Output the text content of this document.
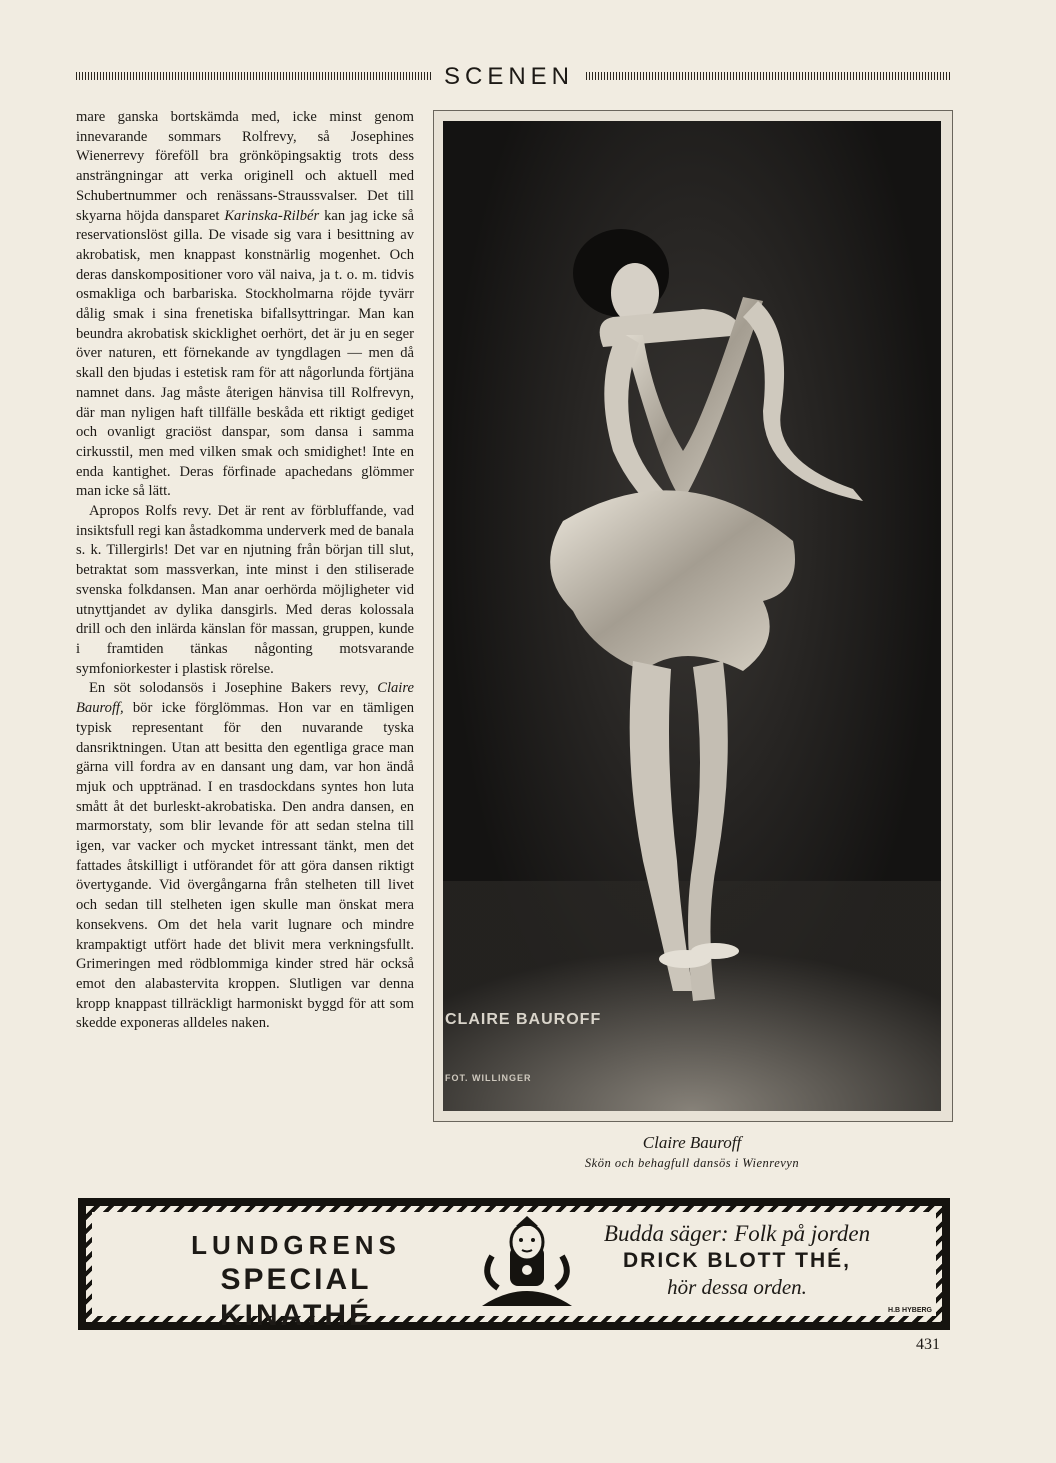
SCENEN

mare ganska bortskämda med, icke minst genom innevarande sommars Rolfrevy, så Josephines Wienerrevy föreföll bra grönköpingsaktig trots dess ansträngningar att verka originell och aktuell med Schubertnummer och renässans-Straussvalser. Det till skyarna höjda dansparet Karinska-Rilbér kan jag icke så reservationslöst gilla. De visade sig vara i besittning av akrobatisk, men knappast konstnärlig mogenhet. Och deras danskompositioner voro väl naiva, ja t. o. m. tidvis osmakliga och barbariska. Stockholmarna röjde tyvärr dålig smak i sina frenetiska bifallsyttringar. Man kan beundra akrobatisk skicklighet oerhört, det är ju en seger över naturen, ett förnekande av tyngdlagen — men då skall den bjudas i estetisk ram för att någorlunda förtjäna namnet dans. Jag måste återigen hänvisa till Rolfrevyn, där man nyligen haft tillfälle beskåda ett riktigt gediget och ovanligt graciöst danspar, som dansa i samma cirkusstil, men med vilken smak och smidighet! Inte en enda kantighet. Deras förfinade apachedans glömmer man icke så lätt.

Apropos Rolfs revy. Det är rent av förbluffande, vad insiktsfull regi kan åstadkomma underverk med de banala s. k. Tillergirls! Det var en njutning från början till slut, betraktat som massverkan, inte minst i den stiliserade svenska folkdansen. Man anar oerhörda möjligheter vid utnyttjandet av dylika dansgirls. Med deras kolossala drill och den inlärda känslan för massan, gruppen, kunde i framtiden tänkas någonting motsvarande symfoniorkester i plastisk rörelse.

En söt solodansös i Josephine Bakers revy, Claire Bauroff, bör icke förglömmas. Hon var en tämligen typisk representant för den nuvarande tyska dansriktningen. Utan att besitta den egentliga grace man gärna vill fordra av en dansant ung dam, var hon ändå mjuk och upptränad. I en trasdockdans syntes hon luta smått åt det burleskt-akrobatiska. Den andra dansen, en marmorstaty, som blir levande för att sedan stelna till igen, var vacker och mycket intressant tänkt, men det fattades åtskilligt i utförandet för att göra dansen riktigt övertygande. Vid övergångarna från stelheten till livet och sedan till stelheten igen skulle man önskat mera konsekvens. Om det hela varit lugnare och mindre krampaktigt utfört hade det blivit mera verkningsfullt. Grimeringen med rödblommiga kinder stred här också emot den alabastervita kroppen. Slutligen var denna kropp knappast tillräckligt harmoniskt byggd för att som skedde exponeras alldeles naken.	CLAIRE BAUROFF
FOT. WILLINGER
Claire Bauroff
Skön och behagfull dansös i Wienrevyn
LUNDGRENS
SPECIAL KINATHÉ
Budda säger: Folk på jorden
DRICK BLOTT THÉ,
hör dessa orden.
H.B HYBERG
431
